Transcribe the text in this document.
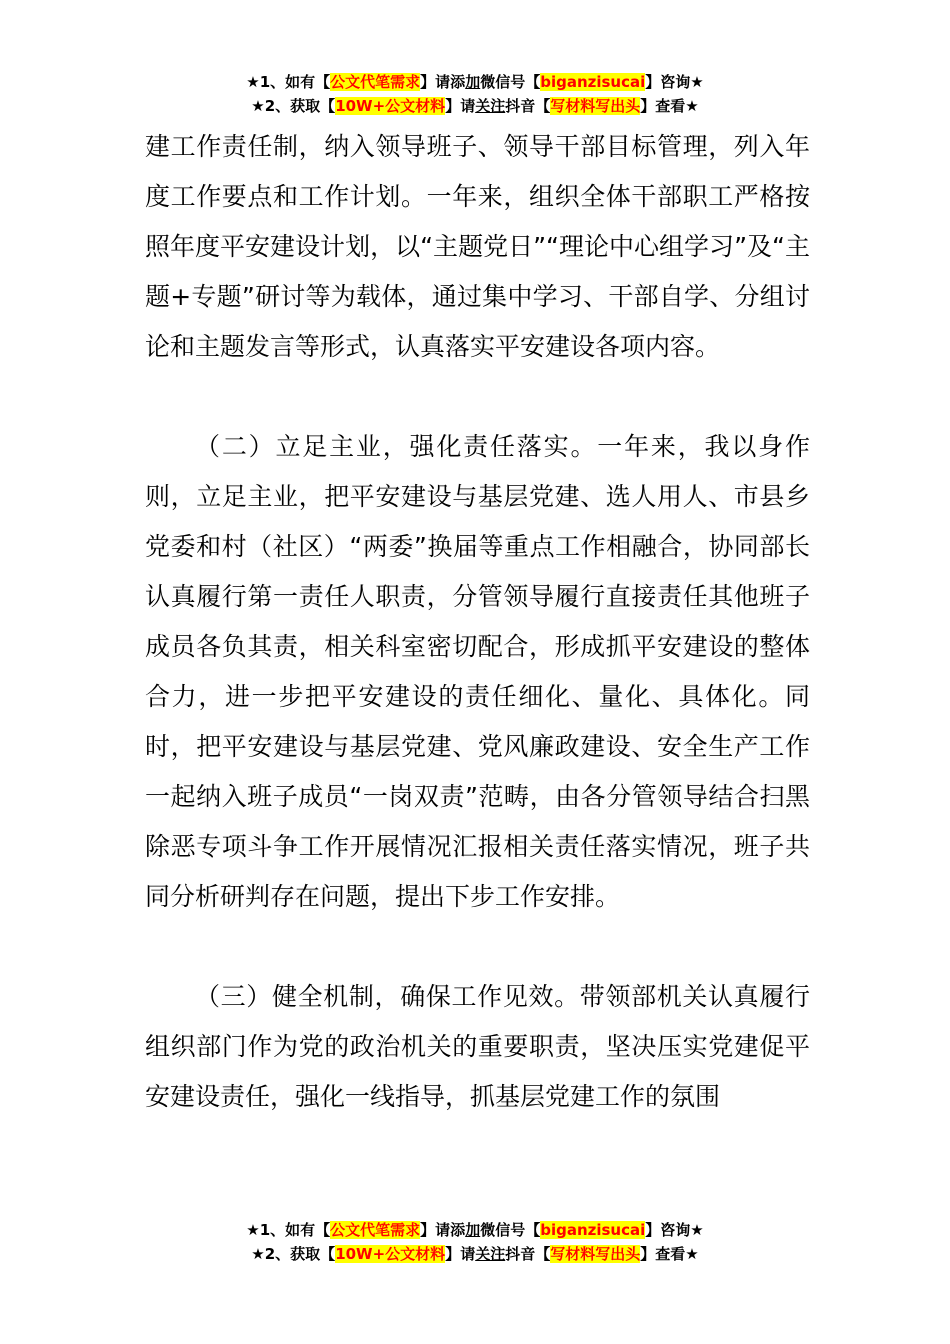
★1、如有【公文代笔需求】请添加微信号【biganzisucai】咨询★
★2、获取【10W+公文材料】请关注抖音【写材料写出头】查看★

建工作责任制，纳入领导班子、领导干部目标管理，列入年度工作要点和工作计划。一年来，组织全体干部职工严格按照年度平安建设计划，以“主题党日”“理论中心组学习”及“主题+专题”研讨等为载体，通过集中学习、干部自学、分组讨论和主题发言等形式，认真落实平安建设各项内容。

（二）立足主业，强化责任落实。一年来，我以身作则，立足主业，把平安建设与基层党建、选人用人、市县乡党委和村（社区）“两委”换届等重点工作相融合，协同部长认真履行第一责任人职责，分管领导履行直接责任其他班子成员各负其责，相关科室密切配合，形成抓平安建设的整体合力，进一步把平安建设的责任细化、量化、具体化。同时，把平安建设与基层党建、党风廉政建设、安全生产工作一起纳入班子成员“一岗双责”范畴，由各分管领导结合扫黑除恶专项斗争工作开展情况汇报相关责任落实情况，班子共同分析研判存在问题，提出下步工作安排。

（三）健全机制，确保工作见效。带领部机关认真履行组织部门作为党的政治机关的重要职责，坚决压实党建促平安建设责任，强化一线指导，抓基层党建工作的氛围

★1、如有【公文代笔需求】请添加微信号【biganzisucai】咨询★
★2、获取【10W+公文材料】请关注抖音【写材料写出头】查看★
